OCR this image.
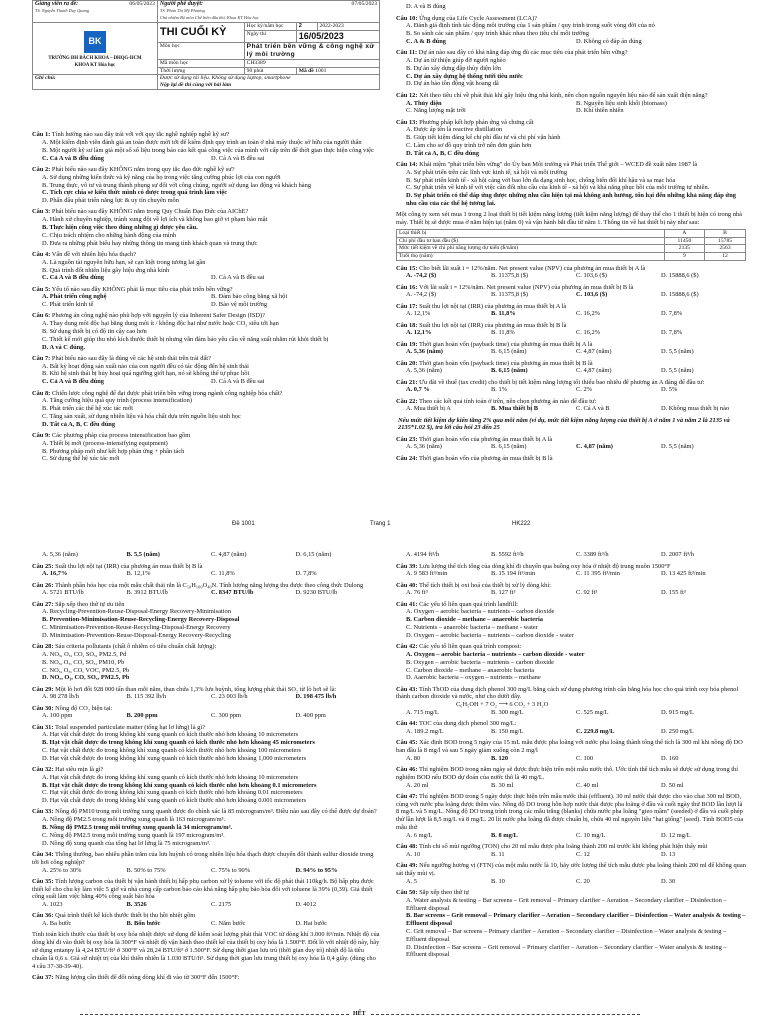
Giảng viên ra đề: 06/05/2023

TS. Nguyễn Thanh Duy Quang	Người phê duyệt: 07/05/2023

TS. Phan Thị Mỹ Phượng
Chủ nhiệm Bộ môn Chế biến dầu khí, Khoa KT Hóa học			

BK
TRƯỜNG ĐH BÁCH KHOA – ĐHQG-HCM
KHOA KT Hóa học	THI CUỐI KỲ	Học kỳ/năm học	2	2022-2023
		Ngày thi	16/05/2023	
	Môn học	Phát triển bền vững & công nghệ xử lý môi trường		
	Mã môn học	CH3389		
	Thời lượng	90 phút	Mã đề 1001	
Ghi chú:	Được sử dụng tài liệu. Không sử dụng laptop, smartphone
Nộp lại đề thi cùng với bài làm			
Câu 1: Tính hướng nào sau đây trái với với quy tắc nghề nghiệp nghề kỹ sư?
A. Một kiểm định viên đánh giá an toàn được mời tới để kiểm định quy trình an toàn ở nhà máy thuộc sở hữu của người thân
B. Một người kỹ sư làm giả một số số liệu trong báo cáo kết quả công việc của mình với cấp trên để thời gian thực hiện công việc
C. Cả A và B đều đúng	D. Cả A và B đều sai
Câu 2: Phát biểu nào sau đây KHÔNG nằm trong quy tắc đạo đức nghề kỹ sư?
A. Sử dụng những kiến thức và kỹ năng của họ trong việc tăng cường phúc lợi của con người
B. Trung thực, vô tư và trung thành phụng sự đối với công chúng, người sử dụng lao động và khách hàng
C. Tích cực chia sẻ kiến thức mình có được trong quá trình làm việc
D. Phấn đấu phát triển năng lực & uy tín chuyên môn
Câu 3: Phát biểu nào sau đây KHÔNG nằm trong Quy Chuẩn Đạo Đức của AIChE?
A. Hành xử chuyên nghiệp, tránh xung đột về lợi ích và không bao giờ vi phạm bảo mật
B. Thực hiện công việc theo đúng những gì được yêu cầu.
C. Chịu trách nhiệm cho những hành động của mình
D. Đưa ra những phát biểu hay những thông tin mang tính khách quan và trung thực
Câu 4: Vấn đề với nhiên liệu hóa thạch?
A. Là nguồn tài nguyên hữu hạn, sẽ cạn kiệt trong tương lai gần
B. Quá trình đốt nhiên liệu gây hiệu ứng nhà kính
C. Cả A và B đều đúng	D. Cả A và B đều sai
Câu 5: Yếu tố nào sau đây KHÔNG phải là mục tiêu của phát triển bền vững?
A. Phát triển công nghệ	B. Đảm bảo công bằng xã hội
C. Phát triển kinh tế	D. Bảo vệ môi trường
Câu 6: Phương án công nghệ nào phù hợp với nguyên lý của Inherent Safer Design (ISD)?
A. Thay dung môi độc hại bằng dung môi ít / không độc hại như nước hoặc CO₂ siêu tới hạn
B. Sử dụng thiết bị có độ tin cậy cao hơn
C. Thiết kế mới giúp thu nhỏ kích thước thiết bị nhưng vẫn đảm bảo yêu cầu về năng suất nhằm rút khỏi thiết bị
D. A và C đúng.
Câu 7: Phát biểu nào sau đây là đúng về các hệ sinh thái trên trái đất?
A. Bất kỳ hoạt động sản xuất nào của con người đều có tác động đến hệ sinh thái
B. Khi hệ sinh thái bị hủy hoại quá ngưỡng giới hạn, nó sẽ không thể tự phục hồi
C. Cả A và B đều đúng	D. Cả A và B đều sai
Câu 8: Chiến lược công nghệ để đạt được phát triển bền vững trong ngành công nghiệp hóa chất?
A. Tăng cường hiệu quả quy trình (process intensification)
B. Phát triển các thế hệ xúc tác mới
C. Tăng sản xuất, sử dụng nhiên liệu và hóa chất dựa trên nguồn liệu sinh học
D. Tất cả A, B, C đều đúng
Câu 9: Các phương pháp của process intensification bao gồm
A. Thiết bị mới (process-intensifying equipment)
B. Phương pháp mới như kết hợp phản ứng + phân tách
C. Sử dụng thế hệ xúc tác mới
D. A và B đúng
Câu 10: Ứng dụng của Life Cycle Assessment (LCA)?
A. Đánh giá định tính tác động môi trường của 1 sản phẩm / quy trình trong suốt vòng đời của nó
B. So sánh các sản phẩm / quy trình khác nhau theo tiêu chí môi trường
C. A & B đúng	D. Không có đáp án đúng
Câu 11: Dự án nào sau đây có khả năng đáp ứng đủ các mục tiêu của phát triển bền vững?
A. Dự án từ thiện giúp đỡ người nghèo
B. Dự án xây dựng đập thủy điện lớn
C. Dự án xây dựng hệ thống tưới tiêu nước
D. Dự án bảo tồn động vật hoang dã
Câu 12: Xét theo tiêu chí về phát thải khí gây hiệu ứng nhà kính, nên chọn nguồn nguyên liệu nào để sản xuất điện năng?
A. Thủy điện	B. Nguyên liệu sinh khối (biomass)
C. Năng lượng mặt trời	D. Khí thiên nhiên
Câu 13: Phương pháp kết hợp phản ứng và chưng cất
A. Được áp tên là reactive distillation
B. Giúp tiết kiệm đáng kể chi phí đầu tư và chi phí vận hành
C. Làm cho sơ đồ quy trình trở nên đơn giản hơn
D. Tất cả A, B, C đều đúng
Câu 14: Khái niệm "phát triển bền vững" do Ủy ban Môi trường và Phát triển Thế giới – WCED đề xuất năm 1987 là
A. Sự phát triển trên các lĩnh vực kinh tế, xã hội và môi trường
B. Sự phát triển kinh tế - xã hội càng với bao lớn đa dạng sinh học, chống biến đổi khí hậu và sa mạc hóa
C. Sự phát triển về kinh tế với việc cân đối nhu cầu của kinh tế - xã hội và khả năng phục hồi của môi trường tự nhiên.
D. Sự phát triển có thể đáp ứng được những nhu cầu hiện tại mà không ảnh hưởng, tổn hại đến những khả năng đáp ứng nhu cầu của các thế hệ tương lai.
Một công ty xem xét mua 1 trong 2 loại thiết bị tiết kiệm năng lượng (tiết kiệm năng lượng) để thay thế cho 1 thiết bị hiện có trong nhà máy. Thiết bị sẽ được mua ở năm hiện tại (năm 0) và vận hành bắt đầu từ năm 1. Thông tin về hai thiết bị này như sau:
Loại thiết bị	A	B
Chi phí đầu tư ban đầu ($)	11450	15785
Mức tiết kiệm về chi phí năng lượng dự kiến ($/năm)	2135	2563
Tuổi thọ (năm)	9	12
Câu 15: Cho biết lãi suất i = 12%/năm. Net present value (NPV) của phương án mua thiết bị A là
A. -74,2 ($)	B. 11375,8 ($)	C. 103,6 ($)	D. 15888,6 ($)
Câu 16: Với lãi suất i = 12%/năm. Net present value (NPV) của phương án mua thiết bị B là
A. -74,2 ($)	B. 11375,8 ($)	C. 103,6 ($)	D. 15888,6 ($)
Câu 17: Suất thu lợi nội tại (IRR) của phương án mua thiết bị A là
A. 12,1%	B. 11,8%	C. 16,2%	D. 7,8%
Câu 18: Suất thu lợi nội tại (IRR) của phương án mua thiết bị B là
A. 12,1%	B. 11,8%	C. 16,2%	D. 7,8%
Câu 19: Thời gian hoàn vốn (payback time) của phương án mua thiết bị A là
A. 5,36 (năm)	B. 6,15 (năm)	C. 4,87 (năm)	D. 5,5 (năm)
Câu 20: Thời gian hoàn vốn (payback time) của phương án mua thiết bị B là
A. 5,36 (năm)	B. 6,15 (năm)	C. 4,87 (năm)	D. 5,5 (năm)
Câu 21: Ưu đãi về thuế (tax credit) cho thiết bị tiết kiệm năng lượng tối thiểu bao nhiêu để phương án A đáng để đầu tư:
A. 0,7 %	B. 1%	C. 2%	D. 5%
Câu 22: Theo các kết quả tính toán ở trên, nên chọn phương án nào để đầu tư:
A. Mua thiết bị A	B. Mua thiết bị B	C. Cả A và B	D. Không mua thiết bị nào
Nếu mức tiết kiệm dự kiến tăng 2% qua mỗi năm (ví dụ, mức tiết kiệm năng lượng của thiết bị A ở năm 1 và năm 2 là 2135 và 2135*1.02 $), trả lời câu hỏi 23 đến 25
Câu 23: Thời gian hoàn vốn của phương án mua thiết bị A là
A. 5,36 (năm)	B. 6,15 (năm)	C. 4,87 (năm)	D. 5,5 (năm)
Câu 24: Thời gian hoàn vốn của phương án mua thiết bị B là
Đề 1001	Trang 1	HK222
A. 5,36 (năm)	B. 5,5 (năm)	C. 4,87 (năm)	D. 6,15 (năm)
Câu 25: Suất thu lợi nội tại (IRR) của phương án mua thiết bị B là
A. 16,7%	B. 12,1%	C. 11,8%	D. 7,8%
Câu 26: Thành phần hóa học của một mẫu chất thải rắn là C₅₀H₁₀₀O₄₀N. Tính lượng năng lượng thu được theo công thức Dulong
A. 5721 BTU/lb	B. 3912 BTU/lb	C. 8347 BTU/lb	D. 9230 BTU/lb
Câu 27: Sắp xếp theo thứ tự ưu tiên
A. Recycling-Prevention-Reuse-Disposal-Energy Recovery-Minimisation
B. Prevention-Minimisation-Reuse-Recycling-Energy Recovery-Disposal
C. Minimisation-Prevention-Reuse-Recycling-Disposal-Energy Recovery
D. Minimisation-Prevention-Reuse-Disposal-Energy Recovery-Recycling
Câu 28: Sáu criteria pollutants (chất ô nhiễm có tiêu chuẩn chất lượng):
A. NOₓ, Oₓ, CO, SOₓ, PM2.5, Pd
B. NOₓ, Oₓ, CO, SOₓ, PM10, Pb
C. NOₓ, Oₓ, CO, VOC, PM2.5, Pb
D. NOₓ, O₃, CO, SOₓ, PM2.5, Pb
Câu 29: Một lò hơi đốt 928 000 tấn than mỗi năm, than chứa 1,3% lưu huỳnh, tổng lượng phát thải SO₂ từ lò hơi sẽ là:
A. 98 278 lb/h	B. 115 392 lb/h	C. 23 003 lb/h	D. 198 475 lb/h
Câu 30: Nồng độ CO₂ hiện tại:
A. 100 ppm	B. 200 ppm	C. 300 ppm	D. 400 ppm
Câu 31: Total suspended particulate matter (tổng hạt lơ lửng) là gì?
A. Hạt vật chất được đo trong không khí xung quanh có kích thước nhỏ hơn khoảng 10 micrometers
B. Hạt vật chất được đo trong không khí xung quanh có kích thước nhỏ hơn khoảng 45 micrometers
C. Hạt vật chất được đo trong không khí xung quanh có kích thước nhỏ hơn khoảng 100 micrometers
D. Hạt vật chất được đo trong không khí xung quanh có kích thước nhỏ hơn khoảng 1,000 micrometers
Câu 32: Hạt siêu mịn là gì?
A. Hạt vật chất được đo trong không khí xung quanh có kích thước nhỏ hơn khoảng 10 micrometers
B. Hạt vật chất được đo trong không khí xung quanh có kích thước nhỏ hơn khoảng 0.1 micrometers
C. Hạt vật chất được đo trong không khí xung quanh có kích thước nhỏ hơn khoảng 0.01 micrometers
D. Hạt vật chất được đo trong không khí xung quanh có kích thước nhỏ hơn khoảng 0.001 micrometers
Câu 33: Nồng độ PM10 trong môi trường xung quanh được đo chính xác là 85 microgram/m³. Điều nào sau đây có thể được dự đoán?
A. Nồng độ PM2.5 trong môi trường xung quanh là 163 microgram/m³.
B. Nồng độ PM2.5 trong môi trường xung quanh là 34 microgram/m³.
C. Nồng độ PM2.5 trong môi trường xung quanh là 197 microgram/m³.
D. Nồng độ xung quanh của tổng hạt lơ lửng là 75 microgram/m³.
Câu 34: Thông thường, bao nhiêu phần trăm của lưu huỳnh có trong nhiên liệu hóa thạch được chuyển đổi thành sulfur dioxide trong tới hơi công nghiệp?
A. 25% to 30%	B. 50% to 75%	C. 75% to 90%	D. 94% to 95%
Câu 35: Tính lượng carbon của thiết bị vận hành thiết bị hấp phụ carbon xử lý toluene với tốc độ phát thải 110kg/h. Bộ hấp phụ được thiết kế cho chu kỳ làm việc 5 giờ và nhà cung cấp carbon báo cáo khả năng hấp phụ bão hòa đối với toluene là 39% (0,39). Giả thiết công suất làm việc bằng 40% công suất bão hòa
A. 1023	B. 3526	C. 2175	D. 4012
Câu 36: Quá trình thiết kế kích thước thiết bị thu hồi nhiệt gồm
A. Ba bước	B. Bốn bước	C. Năm bước	D. Hai bước
Tính toán kích thước của thiết bị oxy hóa nhiệt được sử dụng để kiểm soát lượng phát thải VOC từ dòng khí 3.000 ft³/min. Nhiệt độ của dòng khí đi vào thiết bị oxy hóa là 300°F và nhiệt độ vận hành theo thiết kế của thiết bị oxy hóa là 1.500°F. Đốt lò với nhiệt độ này, hãy sử dụng entanpy là 4,24 BTU/ft³ ở 300°F và 28,24 BTU/ft³ ở 1.500°F. Sử dụng thời gian lưu trú (thời gian duy trì) nhiệt độ là tiêu chuẩn là 0,6 s. Giả sử nhiệt trị của khí thiên nhiên là 1.030 BTU/ft³. Sử dụng thời gian lưu trung thiết bị oxy hóa là 0,4 giây. (dùng cho 4 câu 37-38-39-40).
Câu 37: Năng lượng cần thiết để đốt nóng dòng khí đi vào từ 300°F đến 1500°F:
A. 4194 ft³/h	B. 5592 ft³/h	C. 3389 ft³/h	D. 2007 ft³/h
Câu 39: Lưu lượng thể tích tổng của dòng khí đi chuyển qua buồng oxy hóa ở nhiệt độ trung muôn 1500°F
A. 9 583 ft³/min	B. 15 194 ft³/min	C. 11 395 ft³/min	D. 13 425 ft³/min
Câu 40: Thể tích thiết bị oxi hoá của thiết bị xử lý dòng khí:
A. 76 ft³	B. 127 ft³	C. 92 ft³	D. 155 ft³
Câu 41: Các yếu tố liên quan quá trình landfill:
A. Oxygen – aerobic bacteria – nutrients – carbon dioxide
B. Carbon dioxide – methane – anaerobic bacteria
C. Nutrients – anaerobic bacteria – methane - water
D. Oxygen – aerobic bacteria – nutrients – carbon dioxide - water
Câu 42: Các yếu tố liên quan quá trình compost:
A. Oxygen – aerobic bacteria – nutrients – carbon dioxide - water
B. Oxygen – aerobic bacteria – nutrients – carbon dioxide
C. Carbon dioxide – methane – anaerobic bacteria
D. Aaerobic bacteria – oxygen – nutrients – methane
Câu 43: Tính ThOD của dung dịch phenol 300 mg/L bằng cách sử dụng phương trình cân bằng hóa học cho quá trình oxy hóa phenol thành carbon dioxide và nước, như cho dưới đây.
C₆H₅OH + 7 O₂ ⟶ 6 CO₂ + 3 H₂O
A. 715 mg/L	B. 300 mg/L	C. 525 mg/L	D. 915 mg/L
Câu 44: TOC của dung dịch phenol 300 mg/L:
A. 189.2 mg/L	B. 150 mg/L	C. 229.8 mg/L	D. 250 mg/L
Câu 45: Xác định BOD trong 5 ngày của 15 mL mẫu được pha loãng với nước pha loãng thành tổng thể tích là 300 ml khi nồng độ DO ban đầu là 8 mg/l và sau 5 ngày giảm xuống còn 2 mg/l
A. 80	B. 120	C. 100	D. 160
Câu 46: Thí nghiệm BOD trong năm ngày sẽ được thực hiện trên một mẫu nước thô. Ước tính thể tích mẫu sẽ được sử dụng trong thí nghiệm BOD nếu BOD dự đoán của nước thô là 40 mg/L.
A. 20 ml	B. 30 ml	C. 40 ml	D. 50 ml
Câu 47: Thí nghiệm BOD trong 5 ngày được thực hiện trên mẫu nước thải (effluent). 30 ml nước thải được cho vào chai 300 ml BOD, cùng với nước pha loãng được thêm vào. Nồng độ DO trong hỗn hợp nước thải được pha loãng ở đầu và cuối ngày thử BOD lần lượt là 8 mg/L và 5 mg/L. Nồng độ DO trong trình trong các mẫu trắng (blanks) chứa nước pha loãng "gieo mầm" (seeded) ở đầu và cuối phép thử lần lượt là 8,5 mg/L và 8 mg/L. 20 lít nước pha loãng đã được chuẩn bị, chứa 40 ml nguyên liệu "hạt giống" (seed). Tính BOD5 của mẫu thử
A. 6 mg/L	B. 8 mg/L	C. 10 mg/L	D. 12 mg/L
Câu 48: Tính chi số mùi ngưỡng (TON) cho 20 ml mẫu được pha loãng thành 200 ml trước khi không phát hiện thấy mùi
A. 10	B. 11	C. 12	D. 13
Câu 49: Nếu ngưỡng hương vị (FTN) của một mẫu nước là 10, hãy ước lượng thể tích mẫu được pha loãng thành 200 ml để không quan sát thấy mùi vị.
A. 5	B. 10	C. 20	D. 30
Câu 50: Sắp xếp theo thứ tự
A. Water analysis & testing – Bar screens – Grit removal – Primary clarifier – Aeration – Secondary clarifier – Disinfection – Effluent disposal
B. Bar screens – Grit removal – Primary clarifier – Aeration – Secondary clarifier – Disinfection – Water analysis & testing – Effluent disposal
C. Grit removal – Bar screens – Primary clarifier – Aeration – Secondary clarifier – Disinfection – Water analysis & testing – Effluent disposal
D. Disinfection – Bar screens – Grit removal – Primary clarifier – Aeration – Secondary clarifier – Water analysis & testing – Effluent disposal
HẾT
